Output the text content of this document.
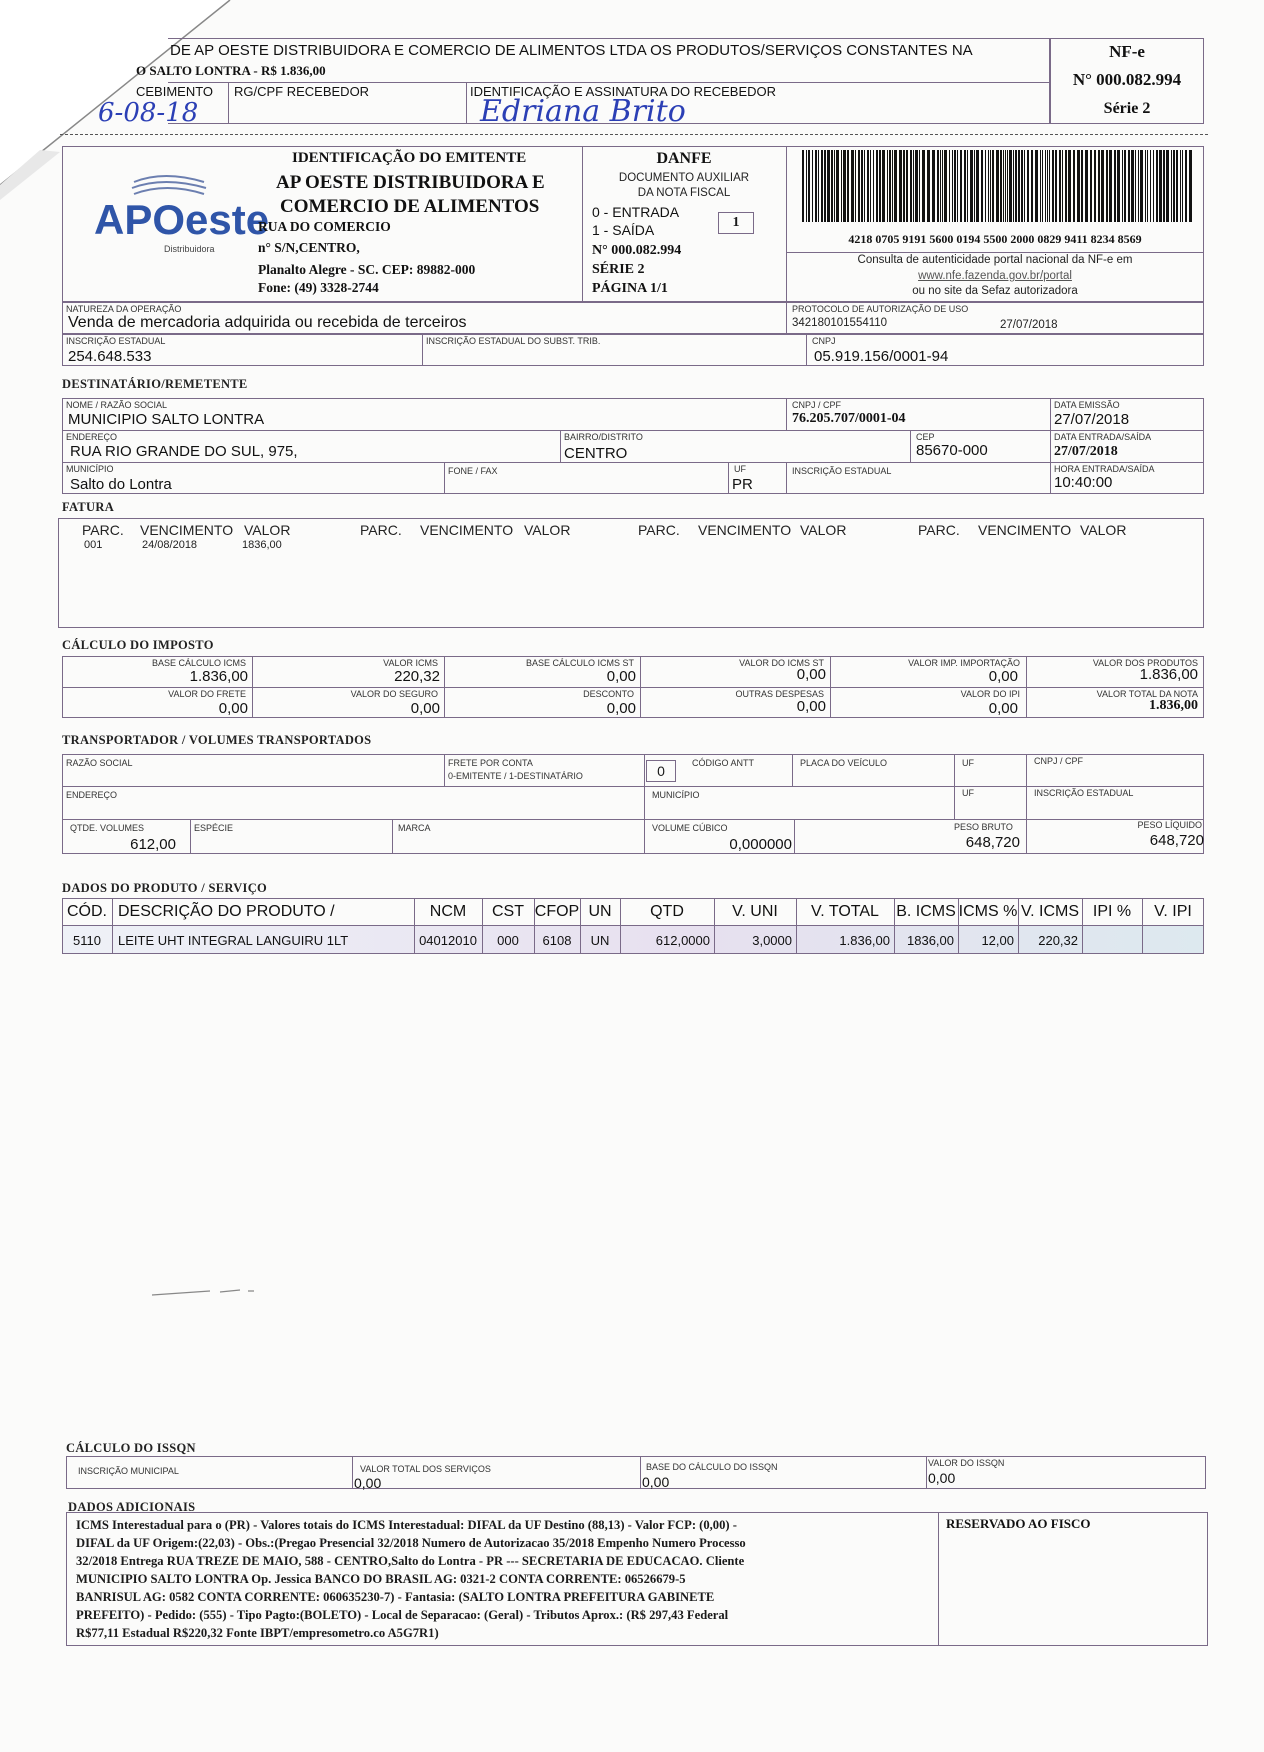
DE AP OESTE DISTRIBUIDORA E COMERCIO DE ALIMENTOS LTDA OS PRODUTOS/SERVIÇOS CONSTANTES NA
O SALTO LONTRA - R$ 1.836,00
CEBIMENTO
6-08-18
RG/CPF RECEBEDOR	IDENTIFICAÇÃO E ASSINATURA DO RECEBEDOR
Edriana Brito
NF-e
N° 000.082.994
Série 2
APOeste
Distribuidora
IDENTIFICAÇÃO DO EMITENTE
AP OESTE DISTRIBUIDORA E
COMERCIO DE ALIMENTOS
RUA DO COMERCIO
n° S/N,CENTRO,
Planalto Alegre - SC. CEP: 89882-000
Fone: (49) 3328-2744
DANFE
DOCUMENTO AUXILIAR
DA NOTA FISCAL
0 - ENTRADA
1 - SAÍDA	1
N° 000.082.994
SÉRIE 2
PÁGINA 1/1
4218 0705 9191 5600 0194 5500 2000 0829 9411 8234 8569
Consulta de autenticidade portal nacional da NF-e em
www.nfe.fazenda.gov.br/portal
ou no site da Sefaz autorizadora
NATUREZA DA OPERAÇÃO
Venda de mercadoria adquirida ou recebida de terceiros
PROTOCOLO DE AUTORIZAÇÃO DE USO
342180101554110	27/07/2018
INSCRIÇÃO ESTADUAL
254.648.533
INSCRIÇÃO ESTADUAL DO SUBST. TRIB.	CNPJ
05.919.156/0001-94
DESTINATÁRIO/REMETENTE
NOME / RAZÃO SOCIAL
MUNICIPIO SALTO LONTRA
CNPJ / CPF
76.205.707/0001-04
DATA EMISSÃO
27/07/2018
ENDEREÇO
RUA RIO GRANDE DO SUL, 975,
BAIRRO/DISTRITO
CENTRO
CEP
85670-000
DATA ENTRADA/SAÍDA
27/07/2018
MUNICÍPIO
Salto do Lontra
FONE / FAX	UF
PR
INSCRIÇÃO ESTADUAL	HORA ENTRADA/SAÍDA
10:40:00
FATURA
PARC. VENCIMENTO VALOR	PARC. VENCIMENTO VALOR	PARC. VENCIMENTO VALOR	PARC. VENCIMENTO VALOR
001	24/08/2018	1836,00
CÁLCULO DO IMPOSTO
BASE CÁLCULO ICMS
1.836,00
VALOR ICMS
220,32
BASE CÁLCULO ICMS ST
0,00
VALOR DO ICMS ST
0,00
VALOR IMP. IMPORTAÇÃO
0,00
VALOR DOS PRODUTOS
1.836,00
VALOR DO FRETE
0,00
VALOR DO SEGURO
0,00
DESCONTO
0,00
OUTRAS DESPESAS
0,00
VALOR DO IPI
0,00
VALOR TOTAL DA NOTA
1.836,00
TRANSPORTADOR / VOLUMES TRANSPORTADOS
RAZÃO SOCIAL	FRETE POR CONTA
0-EMITENTE / 1-DESTINATÁRIO	0	CÓDIGO ANTT	PLACA DO VEÍCULO	UF	CNPJ / CPF
ENDEREÇO	MUNICÍPIO	UF	INSCRIÇÃO ESTADUAL
QTDE. VOLUMES
612,00
ESPÉCIE	MARCA	VOLUME CÚBICO
0,000000
PESO BRUTO
648,720
PESO LÍQUIDO
648,720
DADOS DO PRODUTO / SERVIÇO
CÓD. DESCRIÇÃO DO PRODUTO /	NCM	CST CFOP UN	QTD	V. UNI	V. TOTAL	B. ICMS ICMS % V. ICMS IPI %	V. IPI
5110	LEITE UHT INTEGRAL LANGUIRU 1LT	04012010	000	6108	UN	612,0000	3,0000	1.836,00	1836,00	12,00	220,32
CÁLCULO DO ISSQN
INSCRIÇÃO MUNICIPAL	VALOR TOTAL DOS SERVIÇOS
0,00
BASE DO CÁLCULO DO ISSQN
0,00
VALOR DO ISSQN
0,00
DADOS ADICIONAIS
ICMS Interestadual para o (PR) - Valores totais do ICMS Interestadual: DIFAL da UF Destino (88,13) - Valor FCP: (0,00) -
DIFAL da UF Origem:(22,03) - Obs.:(Pregao Presencial 32/2018 Numero de Autorizacao 35/2018 Empenho Numero Processo
32/2018 Entrega RUA TREZE DE MAIO, 588 - CENTRO,Salto do Lontra - PR --- SECRETARIA DE EDUCACAO. Cliente
MUNICIPIO SALTO LONTRA Op. Jessica BANCO DO BRASIL AG: 0321-2 CONTA CORRENTE: 06526679-5
BANRISUL AG: 0582 CONTA CORRENTE: 060635230-7) - Fantasia: (SALTO LONTRA PREFEITURA GABINETE
PREFEITO) - Pedido: (555) - Tipo Pagto:(BOLETO) - Local de Separacao: (Geral) - Tributos Aprox.: (R$ 297,43 Federal
R$77,11 Estadual R$220,32 Fonte IBPT/empresometro.co A5G7R1)
RESERVADO AO FISCO
